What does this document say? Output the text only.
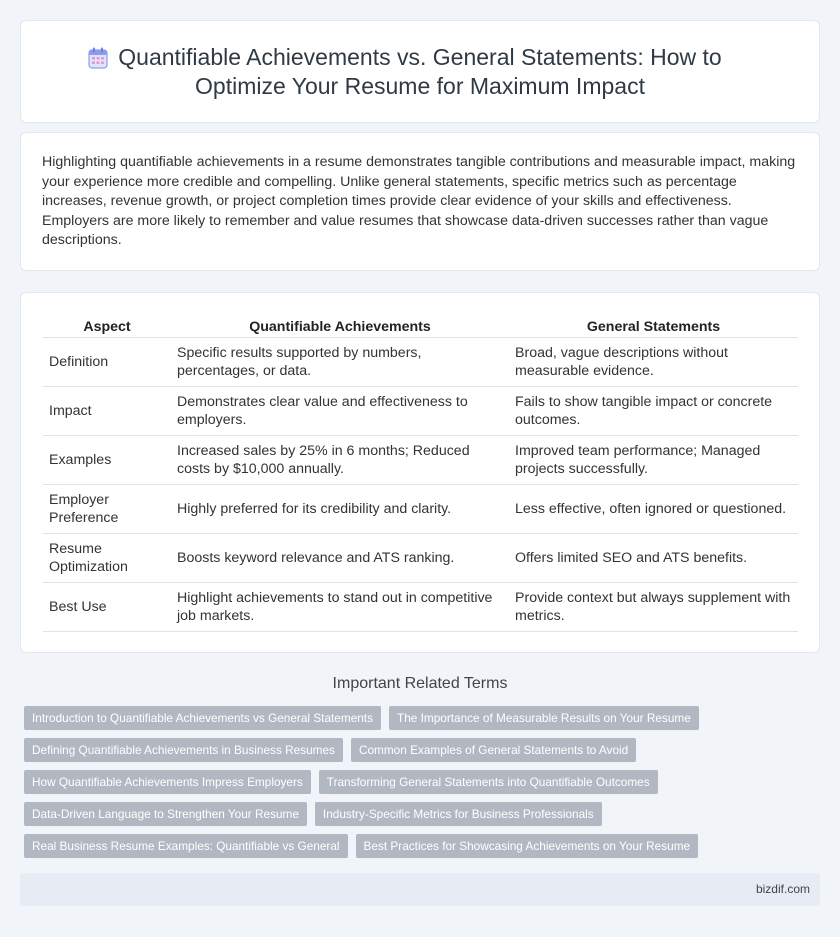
Quantifiable Achievements vs. General Statements: How to Optimize Your Resume for Maximum Impact

Highlighting quantifiable achievements in a resume demonstrates tangible contributions and measurable impact, making your experience more credible and compelling. Unlike general statements, specific metrics such as percentage increases, revenue growth, or project completion times provide clear evidence of your skills and effectiveness. Employers are more likely to remember and value resumes that showcase data-driven successes rather than vague descriptions.

Aspect	Quantifiable Achievements	General Statements
Definition	Specific results supported by numbers, percentages, or data.	Broad, vague descriptions without measurable evidence.
Impact	Demonstrates clear value and effectiveness to employers.	Fails to show tangible impact or concrete outcomes.
Examples	Increased sales by 25% in 6 months; Reduced costs by $10,000 annually.	Improved team performance; Managed projects successfully.
Employer Preference	Highly preferred for its credibility and clarity.	Less effective, often ignored or questioned.
Resume Optimization	Boosts keyword relevance and ATS ranking.	Offers limited SEO and ATS benefits.
Best Use	Highlight achievements to stand out in competitive job markets.	Provide context but always supplement with metrics.
Important Related Terms
Introduction to Quantifiable Achievements vs General Statements	The Importance of Measurable Results on Your Resume
Defining Quantifiable Achievements in Business Resumes	Common Examples of General Statements to Avoid
How Quantifiable Achievements Impress Employers	Transforming General Statements into Quantifiable Outcomes
Data-Driven Language to Strengthen Your Resume	Industry-Specific Metrics for Business Professionals
Real Business Resume Examples: Quantifiable vs General	Best Practices for Showcasing Achievements on Your Resume
bizdif.com
